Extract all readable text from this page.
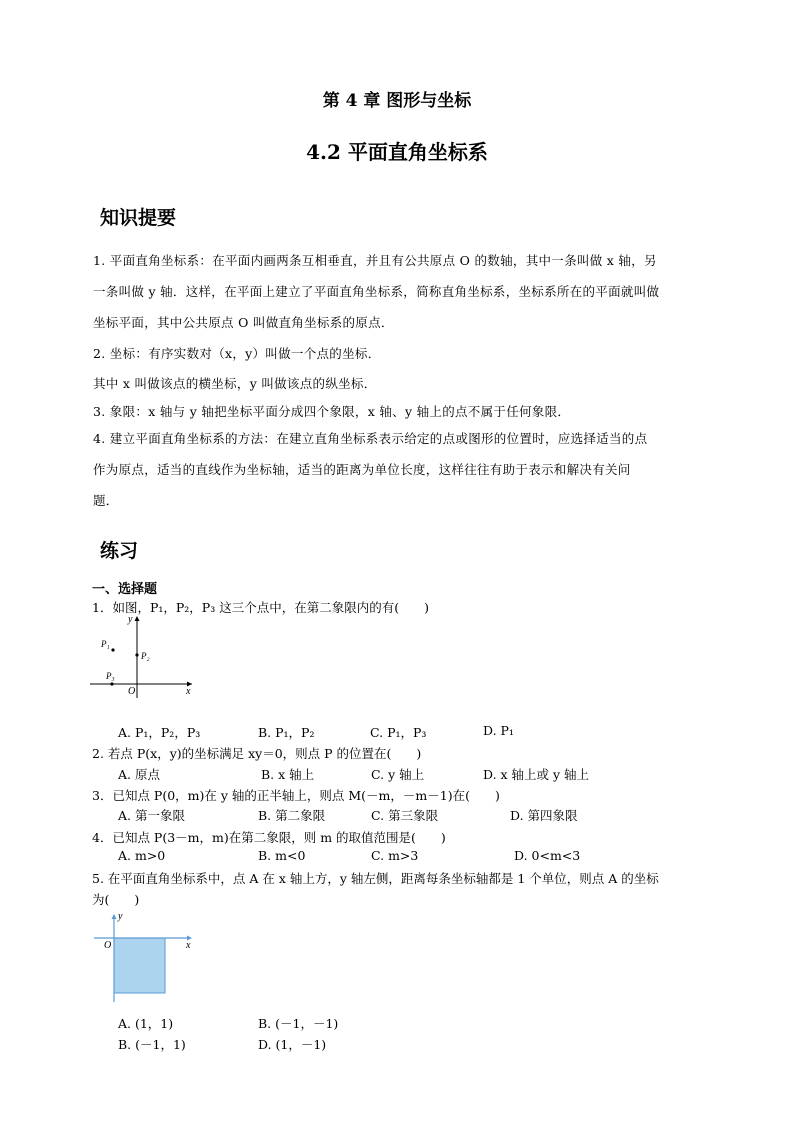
第 4 章 图形与坐标
4.2 平面直角坐标系
知识提要
1. 平面直角坐标系：在平面内画两条互相垂直，并且有公共原点 O 的数轴，其中一条叫做 x 轴，另
一条叫做 y 轴．这样，在平面上建立了平面直角坐标系，简称直角坐标系，坐标系所在的平面就叫做
坐标平面，其中公共原点 O 叫做直角坐标系的原点．
2. 坐标：有序实数对（x，y）叫做一个点的坐标．
其中 x 叫做该点的横坐标，y 叫做该点的纵坐标．
3. 象限：x 轴与 y 轴把坐标平面分成四个象限，x 轴、y 轴上的点不属于任何象限．
4. 建立平面直角坐标系的方法：在建立直角坐标系表示给定的点或图形的位置时，应选择适当的点
作为原点，适当的直线作为坐标轴，适当的距离为单位长度，这样往往有助于表示和解决有关问
题．
练习
一、选择题
1．如图，P₁，P₂，P₃ 这三个点中，在第二象限内的有(　　)
y
x
O
P₁
P₂
P₃
A. P₁，P₂，P₃	B. P₁，P₂	C. P₁，P₃	D. P₁
2. 若点 P(x，y)的坐标满足 xy＝0，则点 P 的位置在(　　)
A. 原点	B. x 轴上	C. y 轴上	D. x 轴上或 y 轴上
3．已知点 P(0，m)在 y 轴的正半轴上，则点 M(－m，－m－1)在(　　)
A. 第一象限	B. 第二象限	C. 第三象限	D. 第四象限
4．已知点 P(3－m，m)在第二象限，则 m 的取值范围是(　　)
A. m>0	B. m<0	C. m>3	D. 0<m<3
5. 在平面直角坐标系中，点 A 在 x 轴上方，y 轴左侧，距离每条坐标轴都是 1 个单位，则点 A 的坐标
为(　　)
y
x
O
A. (1，1)	B. (－1，－1)
B. (－1，1)	D. (1，－1)
